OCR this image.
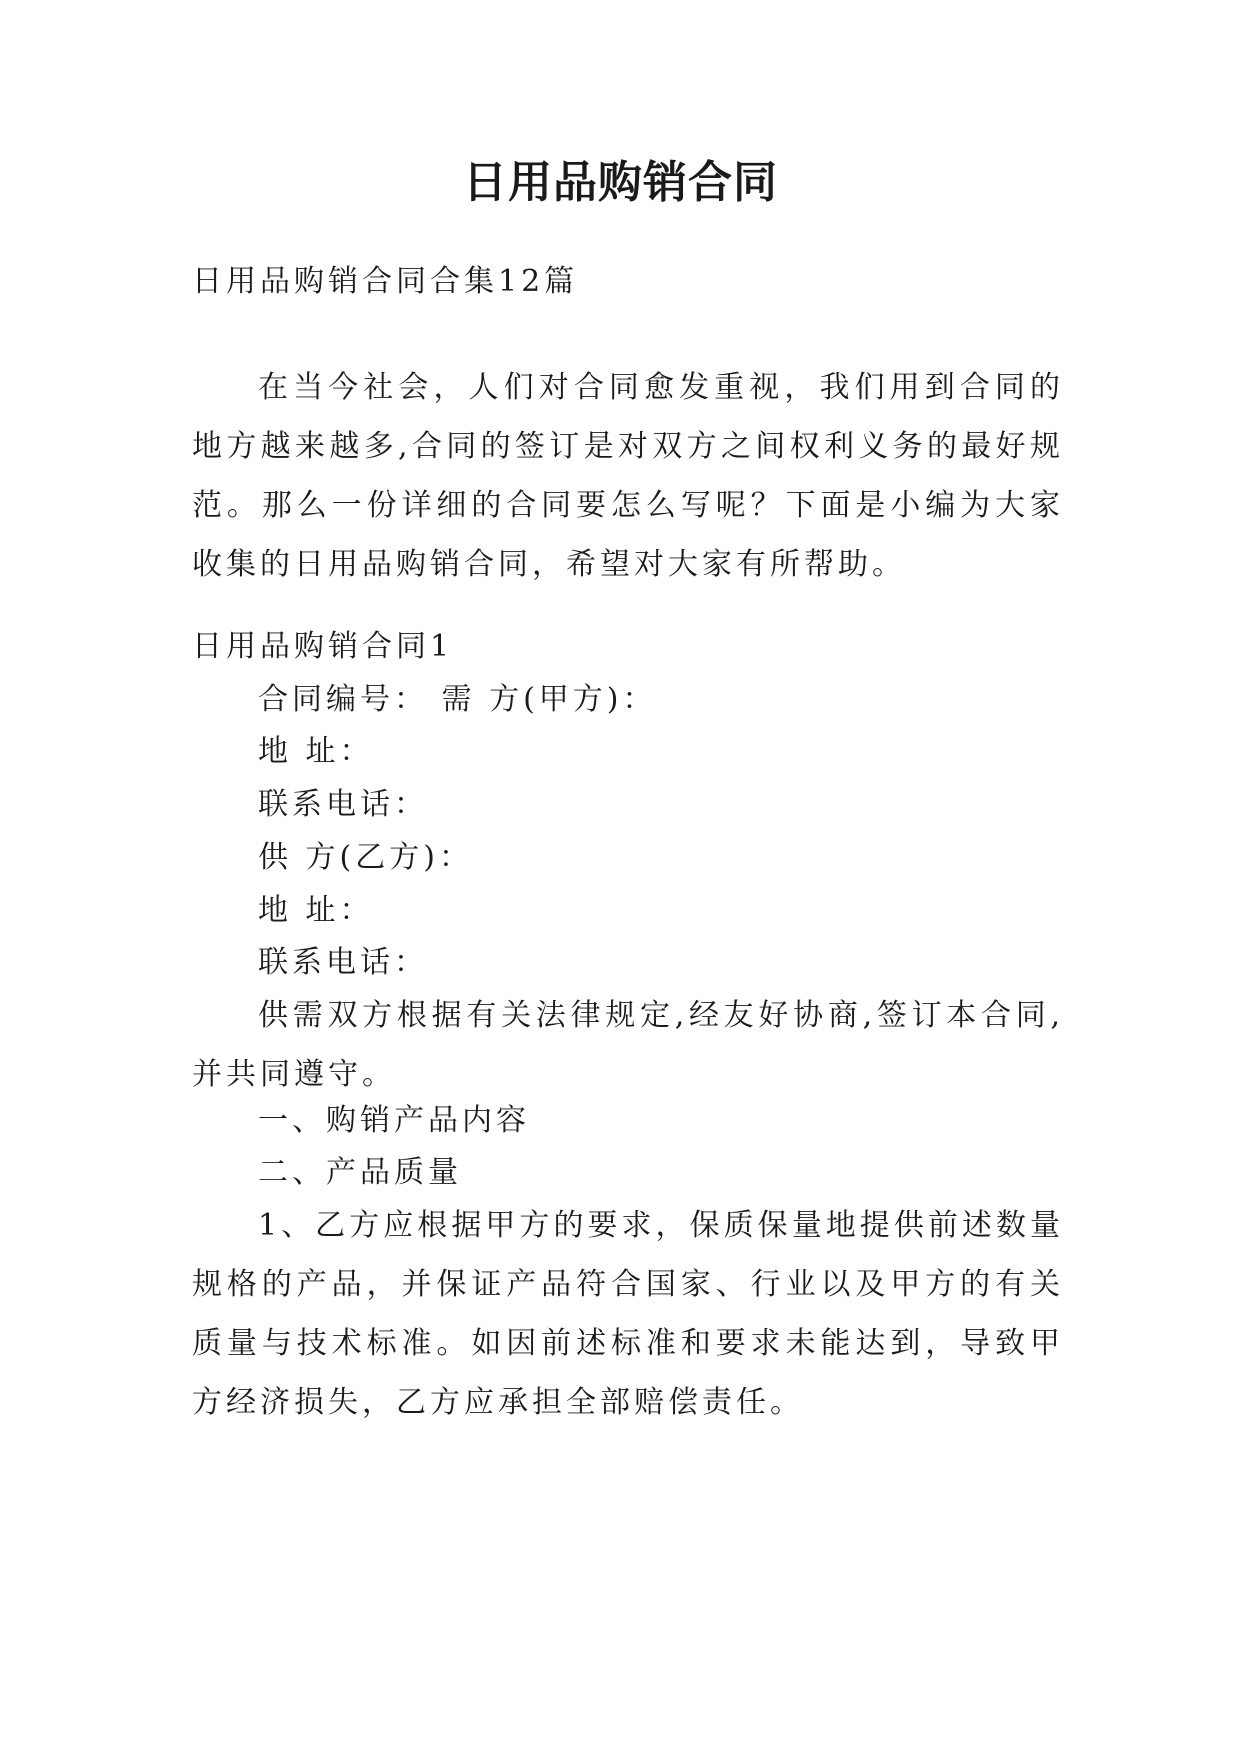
日用品购销合同
日用品购销合同合集12篇
在当今社会，人们对合同愈发重视，我们用到合同的地方越来越多,合同的签订是对双方之间权利义务的最好规范。那么一份详细的合同要怎么写呢？下面是小编为大家收集的日用品购销合同，希望对大家有所帮助。
日用品购销合同1
合同编号： 需 方(甲方)：
地 址：
联系电话：
供 方(乙方)：
地 址：
联系电话：
供需双方根据有关法律规定,经友好协商,签订本合同,并共同遵守。
一、购销产品内容
二、产品质量
1、乙方应根据甲方的要求，保质保量地提供前述数量规格的产品，并保证产品符合国家、行业以及甲方的有关质量与技术标准。如因前述标准和要求未能达到，导致甲方经济损失，乙方应承担全部赔偿责任。
